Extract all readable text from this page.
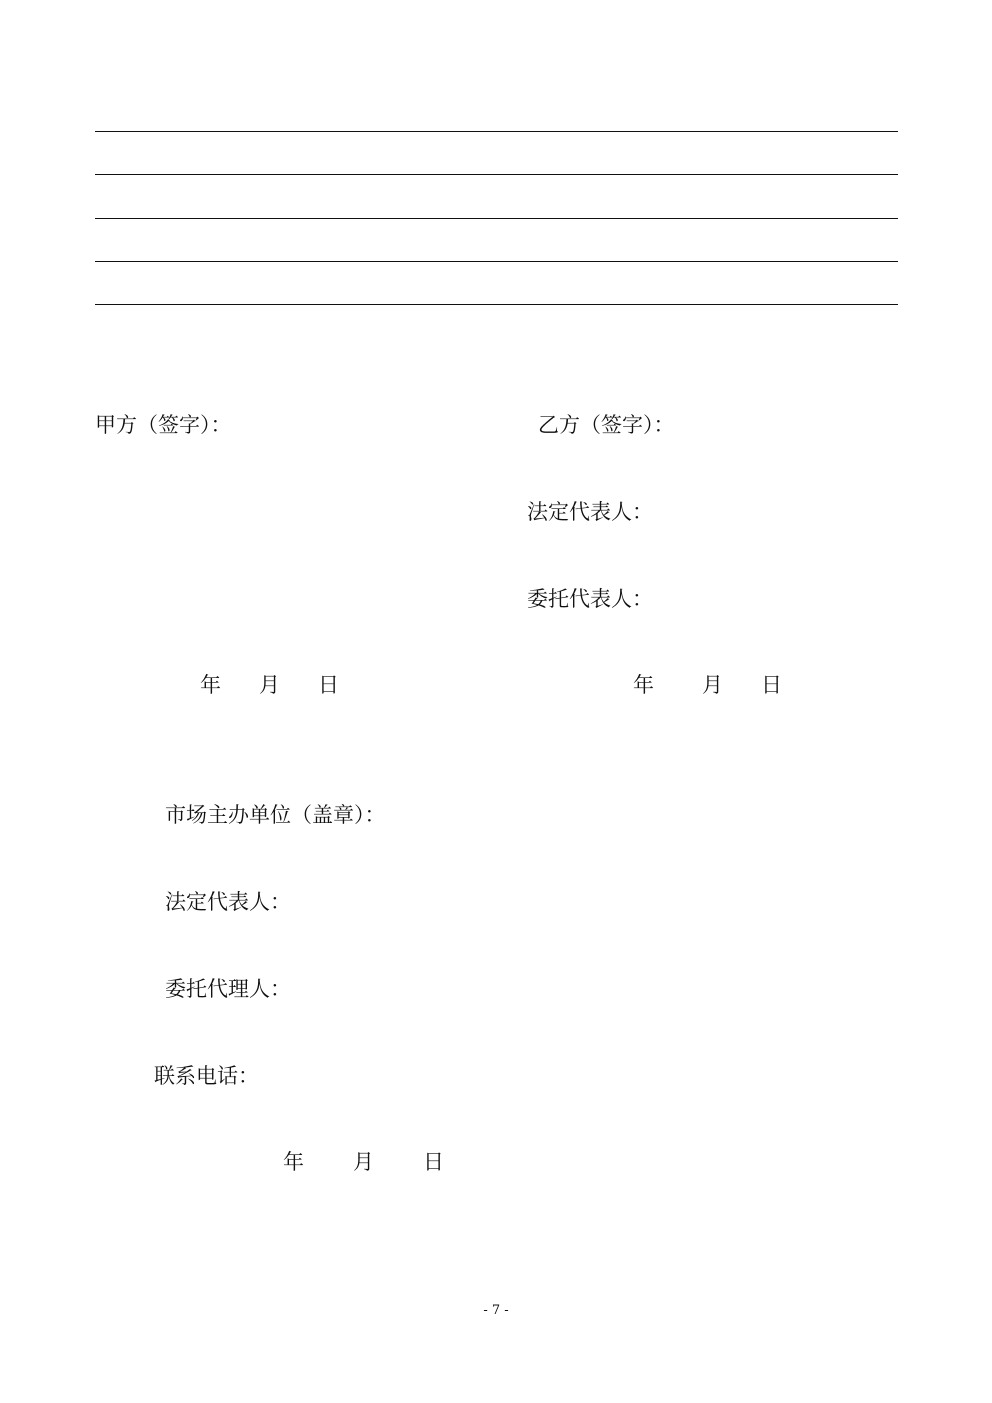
甲方（签字）：	乙方（签字）：
法定代表人：
委托代表人：
年 月 日	年 月 日
市场主办单位（盖章）：
法定代表人：
委托代理人：
联系电话：
年 月 日
- 7 -
